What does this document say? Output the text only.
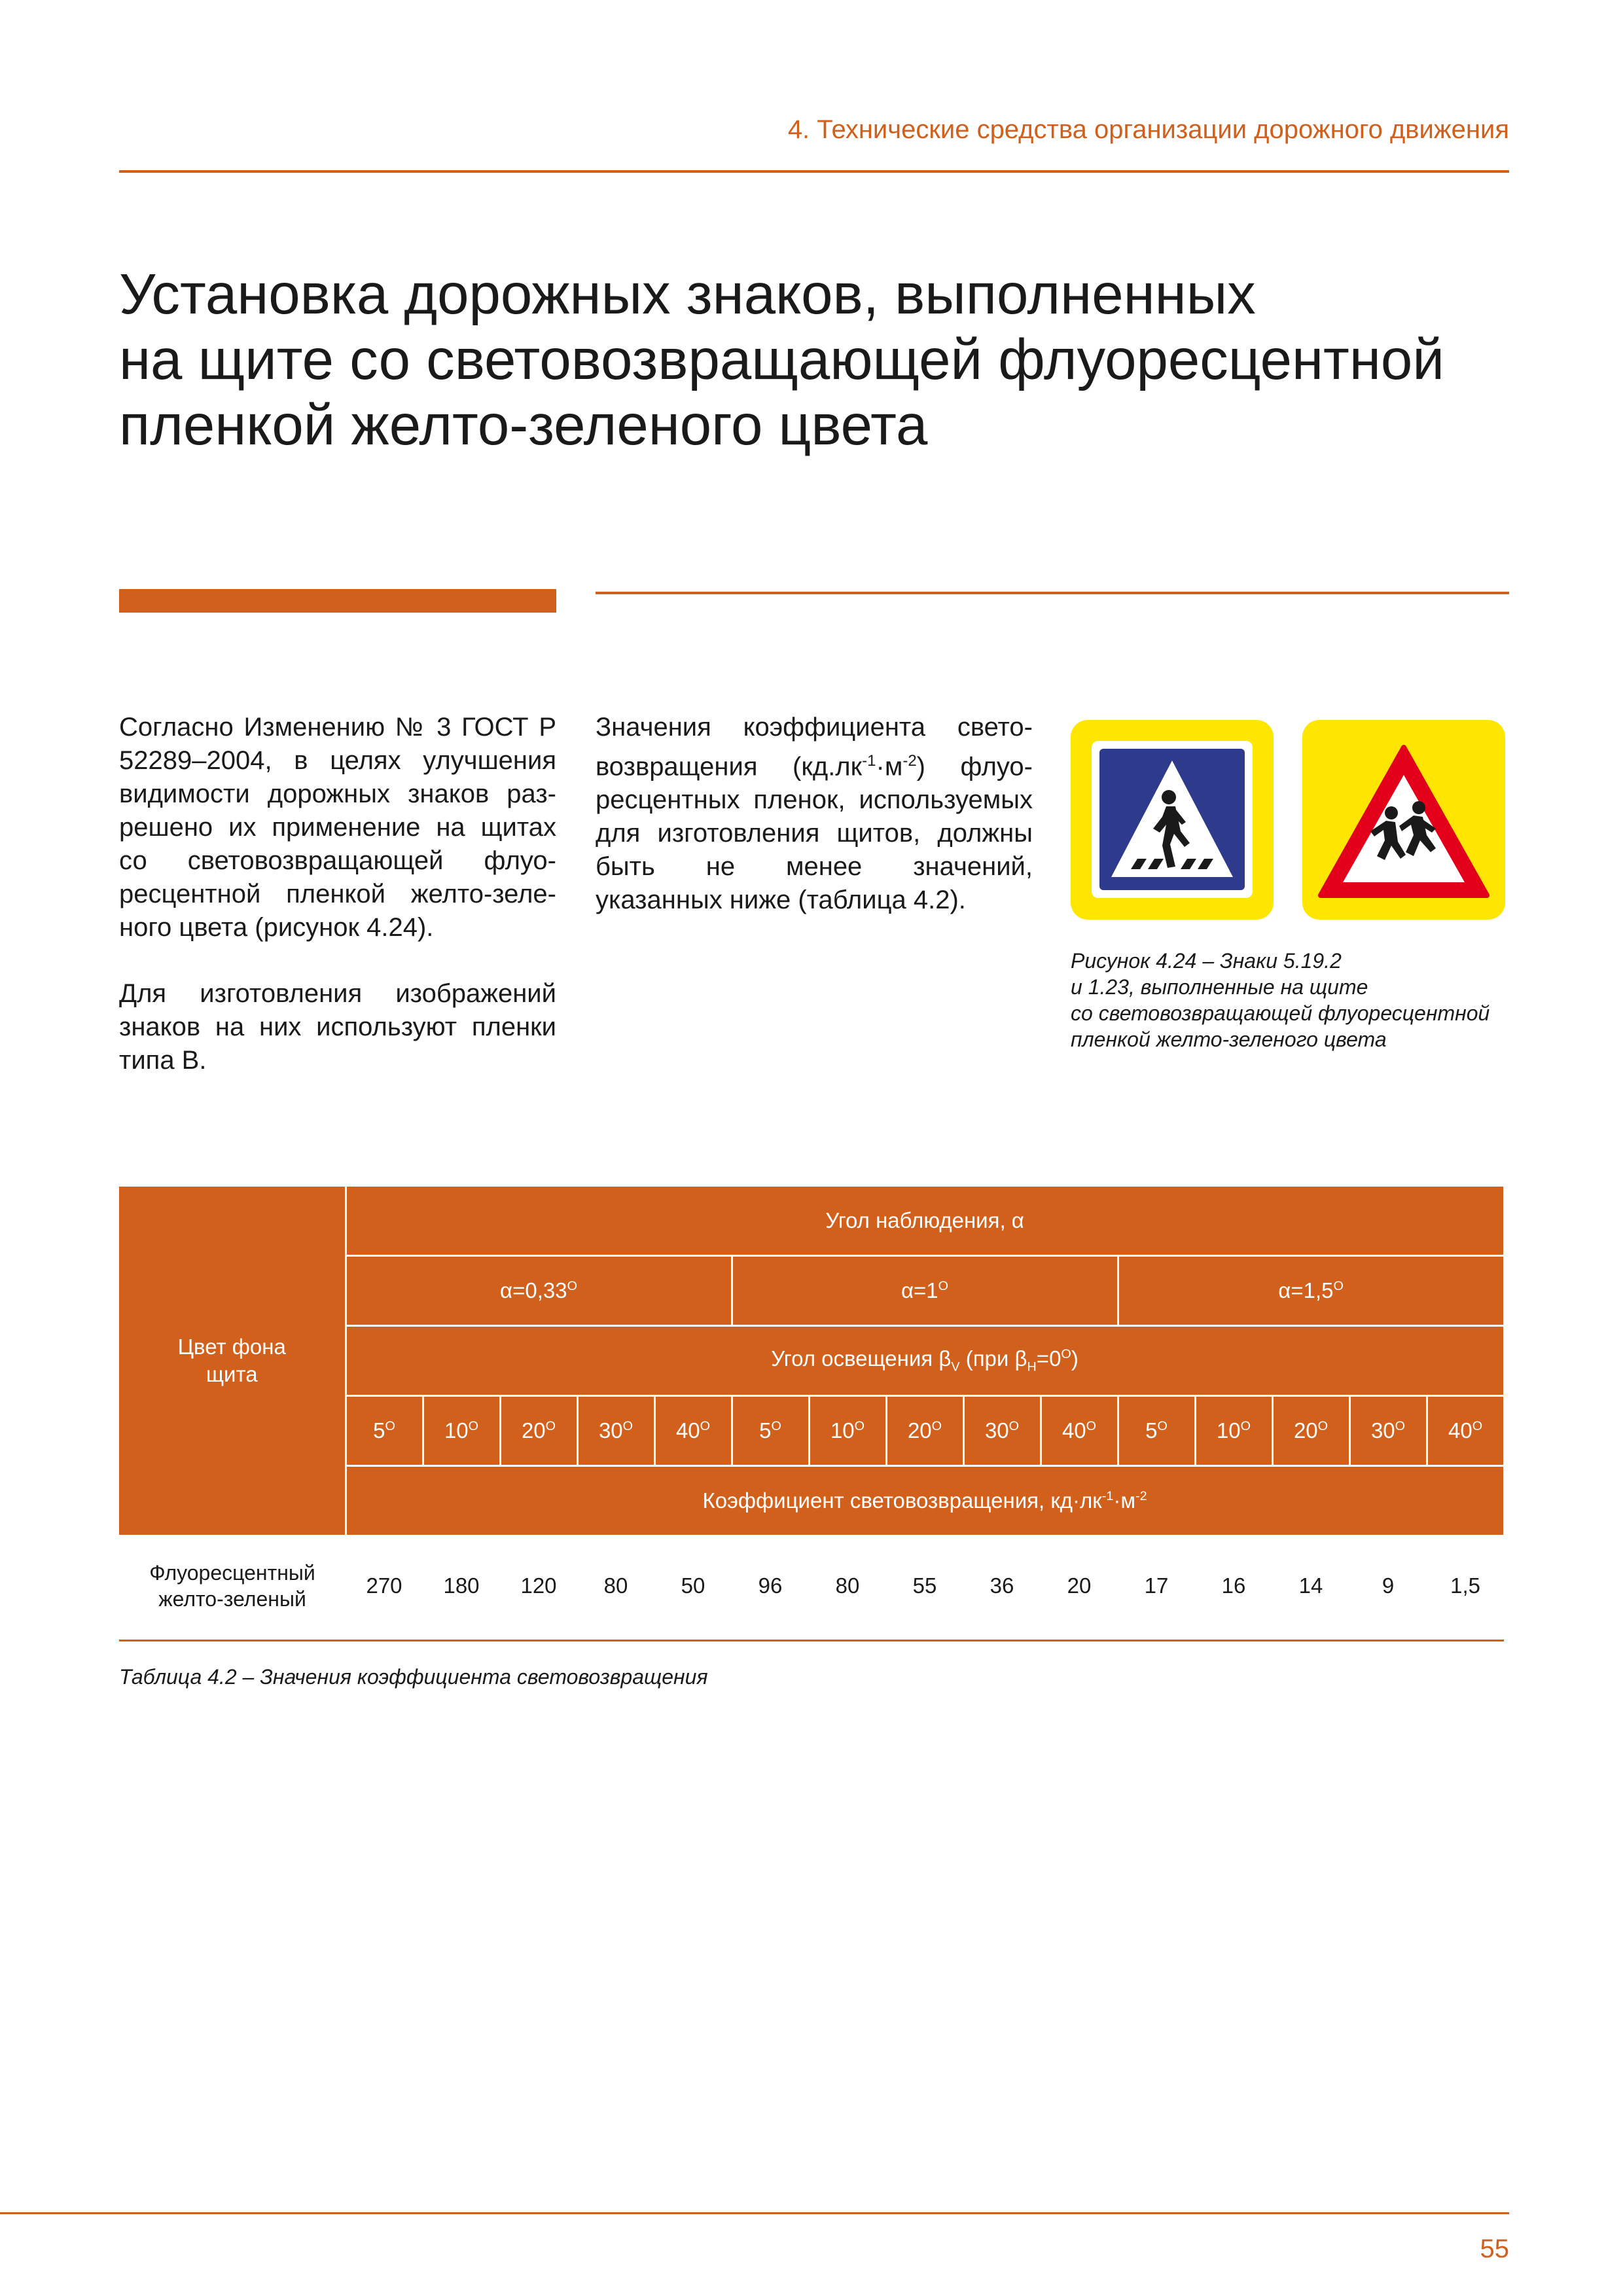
4. Технические средства организации дорожного движения
Установка дорожных знаков, выполненных
на щите со световозвращающей флуоресцентной
пленкой желто-зеленого цвета

Согласно Изменению № 3 ГОСТ Р 52289–2004, в целях улучшения видимости дорожных знаков разрешено их применение на щитах со световозвращающей флуоресцентной пленкой желто-зеленого цвета (рисунок 4.24).

Для изготовления изображений знаков на них используют пленки типа В.

Значения коэффициента световозвращения $(кд.лк^{-1}\cdot м^{-2})$ флуоресцентных пленок, используемых для изготовления щитов, должны быть не менее значений, указанных ниже (таблица 4.2).

Рисунок 4.24 – Знаки 5.19.2
и 1.23, выполненные на щите
со световозвращающей флуоресцентной
пленкой желто-зеленого цвета
Цвет фона
щита	Угол наблюдения, α														
	$\alpha=0,33^O$					$\alpha=1^O$					$\alpha=1,5^O$
	Угол освещения $\beta_V$ (при $\beta_H=0^O$)														
	$5^O$	$10^O$	$20^O$	$30^O$	$40^O$	$5^O$	$10^O$	$20^O$	$30^O$	$40^O$	$5^O$	$10^O$	$20^O$	$30^O$	$40^O$
	Коэффициент световозвращения, $кд\cdot лк^{-1}\cdot м^{-2}$
Флуоресцентный
желто-зеленый	270	180	120	80	50	96	80	55	36	20	17	16	14	9	1,5
Таблица 4.2 – Значения коэффициента световозвращения
55
